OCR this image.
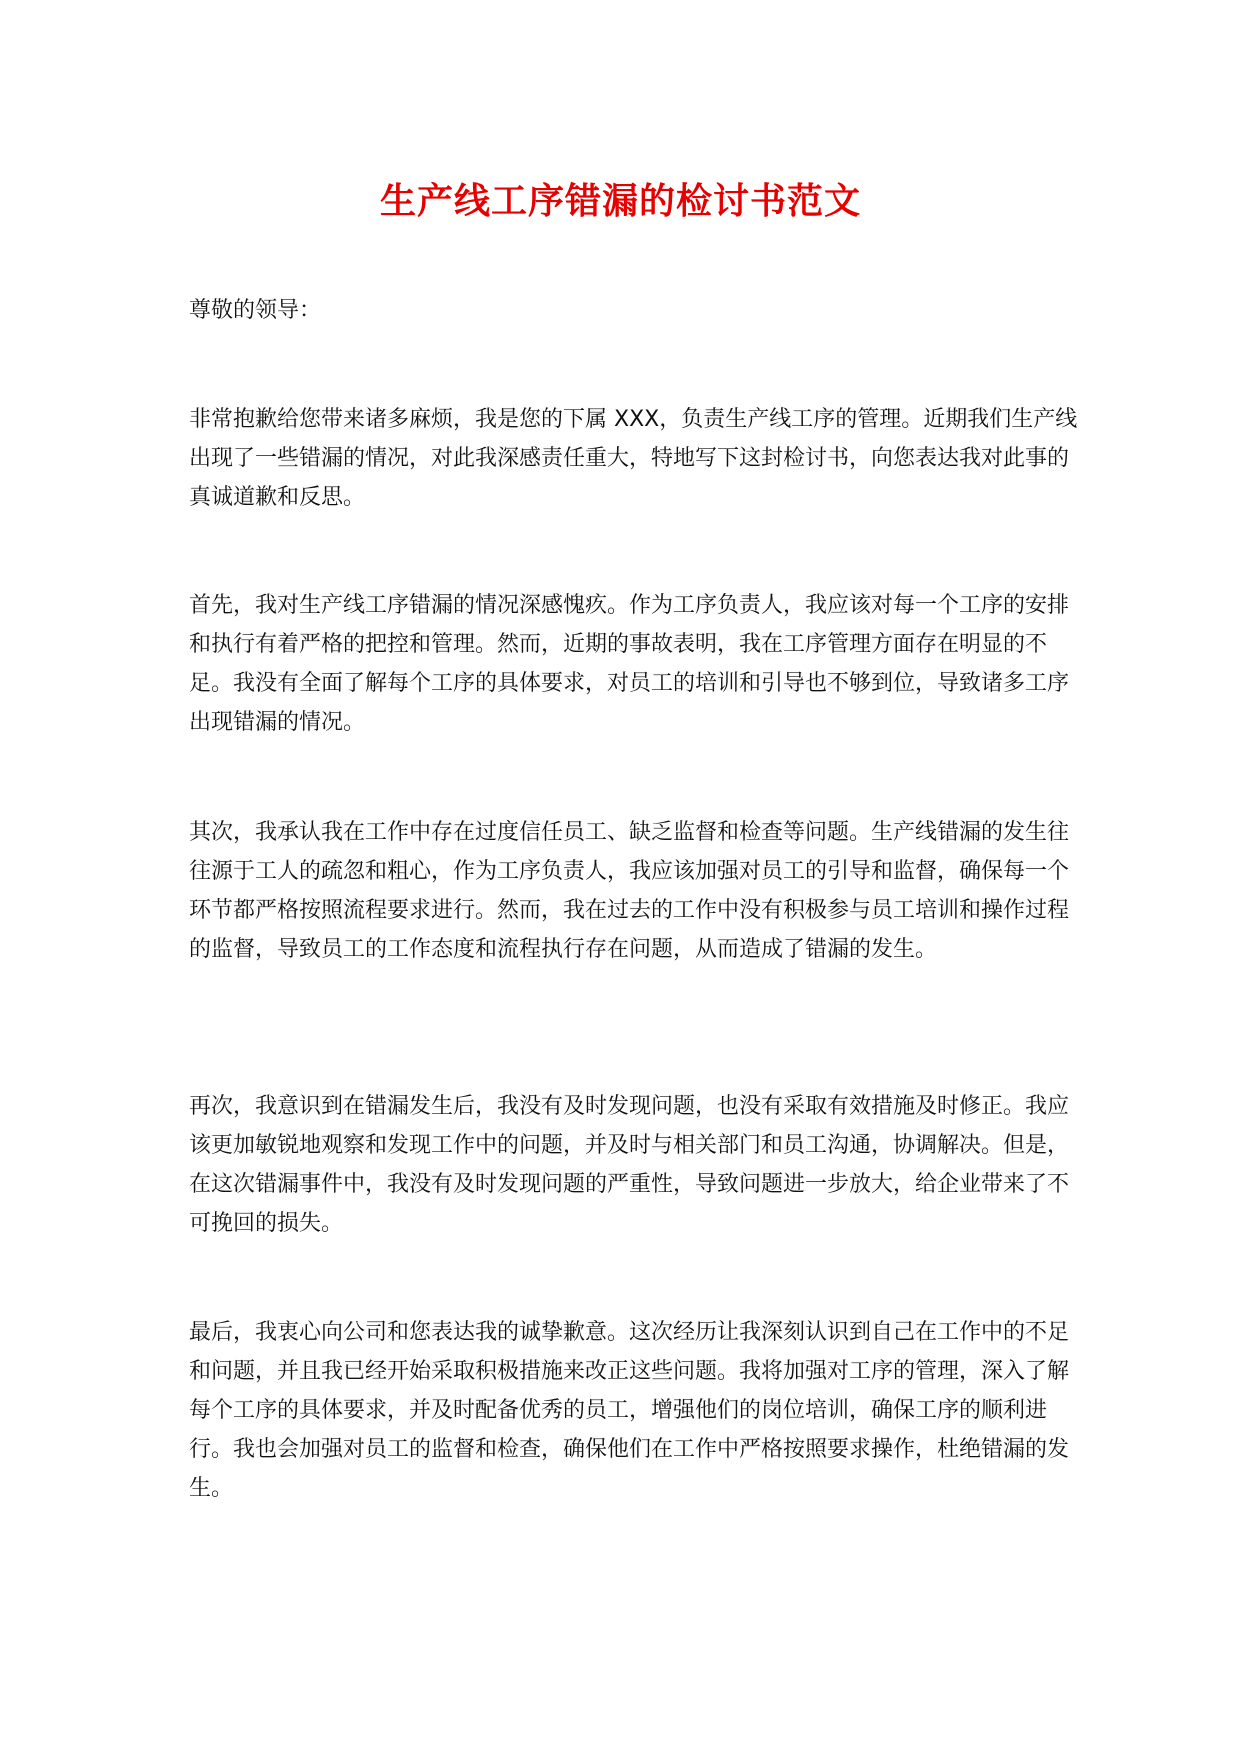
生产线工序错漏的检讨书范文

尊敬的领导：

非常抱歉给您带来诸多麻烦，我是您的下属 XXX，负责生产线工序的管理。近期我们生产线出现了一些错漏的情况，对此我深感责任重大，特地写下这封检讨书，向您表达我对此事的真诚道歉和反思。

首先，我对生产线工序错漏的情况深感愧疚。作为工序负责人，我应该对每一个工序的安排和执行有着严格的把控和管理。然而，近期的事故表明，我在工序管理方面存在明显的不足。我没有全面了解每个工序的具体要求，对员工的培训和引导也不够到位，导致诸多工序出现错漏的情况。

其次，我承认我在工作中存在过度信任员工、缺乏监督和检查等问题。生产线错漏的发生往往源于工人的疏忽和粗心，作为工序负责人，我应该加强对员工的引导和监督，确保每一个环节都严格按照流程要求进行。然而，我在过去的工作中没有积极参与员工培训和操作过程的监督，导致员工的工作态度和流程执行存在问题，从而造成了错漏的发生。

再次，我意识到在错漏发生后，我没有及时发现问题，也没有采取有效措施及时修正。我应该更加敏锐地观察和发现工作中的问题，并及时与相关部门和员工沟通，协调解决。但是，在这次错漏事件中，我没有及时发现问题的严重性，导致问题进一步放大，给企业带来了不可挽回的损失。

最后，我衷心向公司和您表达我的诚挚歉意。这次经历让我深刻认识到自己在工作中的不足和问题，并且我已经开始采取积极措施来改正这些问题。我将加强对工序的管理，深入了解每个工序的具体要求，并及时配备优秀的员工，增强他们的岗位培训，确保工序的顺利进行。我也会加强对员工的监督和检查，确保他们在工作中严格按照要求操作，杜绝错漏的发生。
